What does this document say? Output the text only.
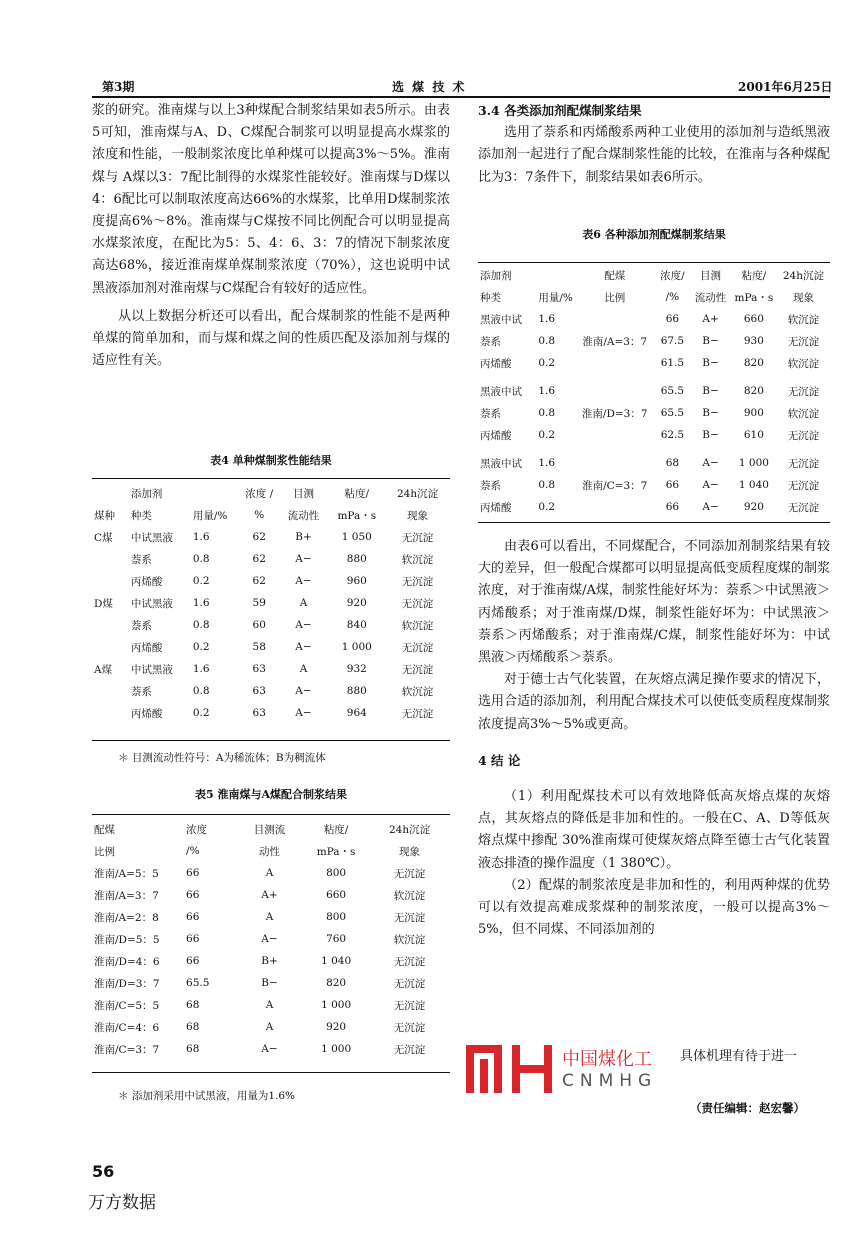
第3期	选 煤 技 术	2001年6月25日

浆的研究。淮南煤与以上3种煤配合制浆结果如表5所示。由表5可知，淮南煤与A、D、C煤配合制浆可以明显提高水煤浆的浓度和性能，一般制浆浓度比单种煤可以提高3%～5%。淮南煤与 A煤以3：7配比制得的水煤浆性能较好。淮南煤与D煤以4：6配比可以制取浓度高达66%的水煤浆，比单用D煤制浆浓度提高6%～8%。淮南煤与C煤按不同比例配合可以明显提高水煤浆浓度，在配比为5：5、4：6、3：7的情况下制浆浓度高达68%，接近淮南煤单煤制浆浓度（70%），这也说明中试黑液添加剂对淮南煤与C煤配合有较好的适应性。

从以上数据分析还可以看出，配合煤制浆的性能不是两种单煤的简单加和，而与煤和煤之间的性质匹配及添加剂与煤的适应性有关。

表4 单种煤制浆性能结果
	添加剂		浓度 /	目测	粘度/	24h沉淀
煤种	种类	用量/%	%	流动性	mPa・s	现象
C煤	中试黑液	1.6	62	B+	1 050	无沉淀
	萘系	0.8	62	A−	880	软沉淀
	丙烯酸	0.2	62	A−	960	无沉淀
D煤	中试黑液	1.6	59	A	920	无沉淀
	萘系	0.8	60	A−	840	软沉淀
	丙烯酸	0.2	58	A−	1 000	无沉淀
A煤	中试黑液	1.6	63	A	932	无沉淀
	萘系	0.8	63	A−	880	软沉淀
	丙烯酸	0.2	63	A−	964	无沉淀
＊ 目测流动性符号：A为稀流体；B为稠流体
表5 淮南煤与A煤配合制浆结果
配煤	浓度	目测流	粘度/	24h沉淀
比例	/%	动性	mPa・s	现象
淮南/A=5：5	66	A	800	无沉淀
淮南/A=3：7	66	A+	660	软沉淀
淮南/A=2：8	66	A	800	无沉淀
淮南/D=5：5	66	A−	760	软沉淀
淮南/D=4：6	66	B+	1 040	无沉淀
淮南/D=3：7	65.5	B−	820	无沉淀
淮南/C=5：5	68	A	1 000	无沉淀
淮南/C=4：6	68	A	920	无沉淀
淮南/C=3：7	68	A−	1 000	无沉淀
＊ 添加剂采用中试黑液，用量为1.6%

3.4 各类添加剂配煤制浆结果

选用了萘系和丙烯酸系两种工业使用的添加剂与造纸黑液添加剂一起进行了配合煤制浆性能的比较，在淮南与各种煤配比为3：7条件下，制浆结果如表6所示。

表6 各种添加剂配煤制浆结果
添加剂		配煤	浓度/	目测	粘度/	24h沉淀
种类	用量/%	比例	/%	流动性	mPa・s	现象
黑液中试	1.6		66	A+	660	软沉淀
萘系	0.8	淮南/A=3：7	67.5	B−	930	无沉淀
丙烯酸	0.2		61.5	B−	820	软沉淀
黑液中试	1.6		65.5	B−	820	无沉淀
萘系	0.8	淮南/D=3：7	65.5	B−	900	软沉淀
丙烯酸	0.2		62.5	B−	610	无沉淀
黑液中试	1.6		68	A−	1 000	无沉淀
萘系	0.8	淮南/C=3：7	66	A−	1 040	无沉淀
丙烯酸	0.2		66	A−	920	无沉淀

由表6可以看出，不同煤配合，不同添加剂制浆结果有较大的差异，但一般配合煤都可以明显提高低变质程度煤的制浆浓度，对于淮南煤/A煤，制浆性能好坏为：萘系＞中试黑液＞丙烯酸系；对于淮南煤/D煤，制浆性能好坏为：中试黑液＞萘系＞丙烯酸系；对于淮南煤/C煤，制浆性能好坏为：中试黑液＞丙烯酸系＞萘系。

对于德士古气化装置，在灰熔点满足操作要求的情况下，选用合适的添加剂，利用配合煤技术可以使低变质程度煤制浆浓度提高3%～5%或更高。

4 结 论

（1）利用配煤技术可以有效地降低高灰熔点煤的灰熔点，其灰熔点的降低是非加和性的。一般在C、A、D等低灰熔点煤中掺配 30%淮南煤可使煤灰熔点降至德士古气化装置液态排渣的操作温度（1 380℃）。

（2）配煤的制浆浓度是非加和性的，利用两种煤的优势可以有效提高难成浆煤种的制浆浓度，一般可以提高3%～5%，但不同煤、不同添加剂的

具体机理有待于进一
（责任编辑：赵宏馨）
中国煤化工
CNMHG
56
万方数据
